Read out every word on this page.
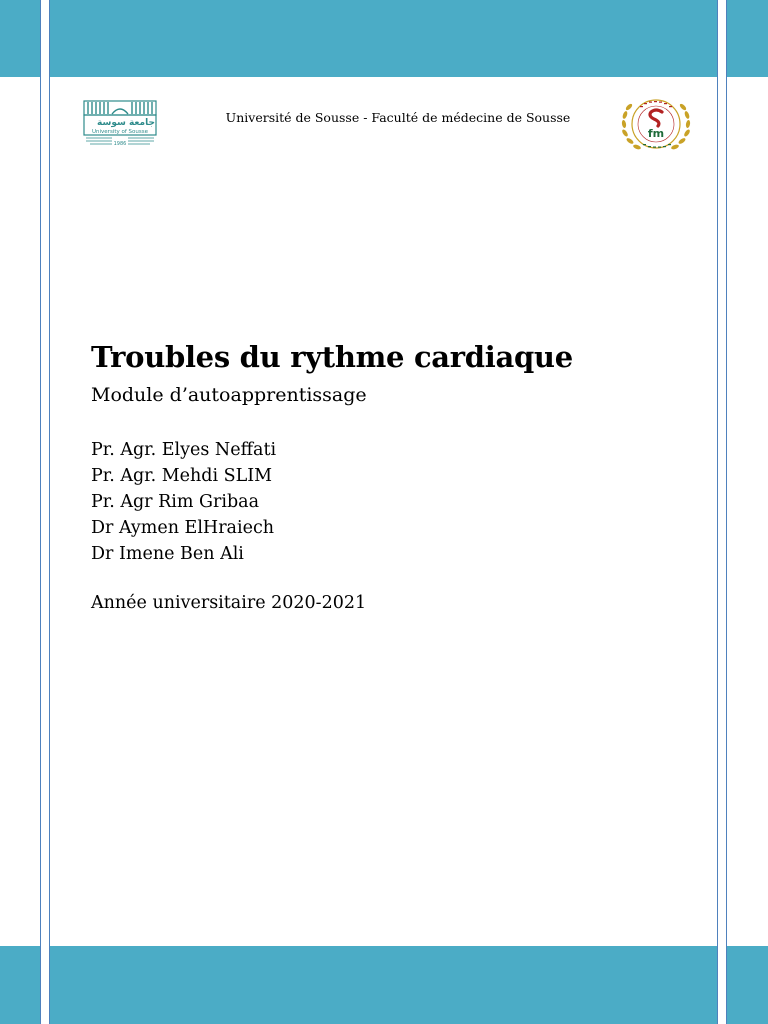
جامعة سوسة
University of Sousse
1986
Université de Sousse - Faculté de médecine de Sousse
fm
Troubles du rythme cardiaque
Module d’autoapprentissage
Pr. Agr. Elyes Neffati
Pr. Agr. Mehdi SLIM
Pr. Agr Rim Gribaa
Dr Aymen ElHraiech
Dr Imene Ben Ali
Année universitaire 2020-2021
